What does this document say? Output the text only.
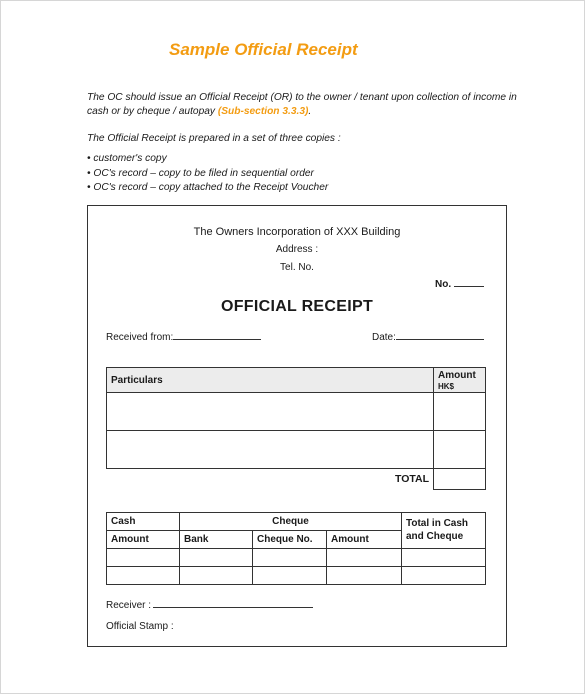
Sample Official Receipt
The OC should issue an Official Receipt (OR) to the owner / tenant upon collection of income in cash or by cheque / autopay (Sub-section 3.3.3).
The Official Receipt is prepared in a set of three copies :
• customer's copy
• OC's record – copy to be filed in sequential order
• OC's record – copy attached to the Receipt Voucher
The Owners Incorporation of XXX Building
Address :
Tel. No.
No.
OFFICIAL RECEIPT
Received from:	Date:
Particulars	Amount
HK$

TOTAL	
Cash	Cheque			Total in Cash and Cheque
Amount	Bank	Cheque No.	Amount	

Receiver :
Official Stamp :
